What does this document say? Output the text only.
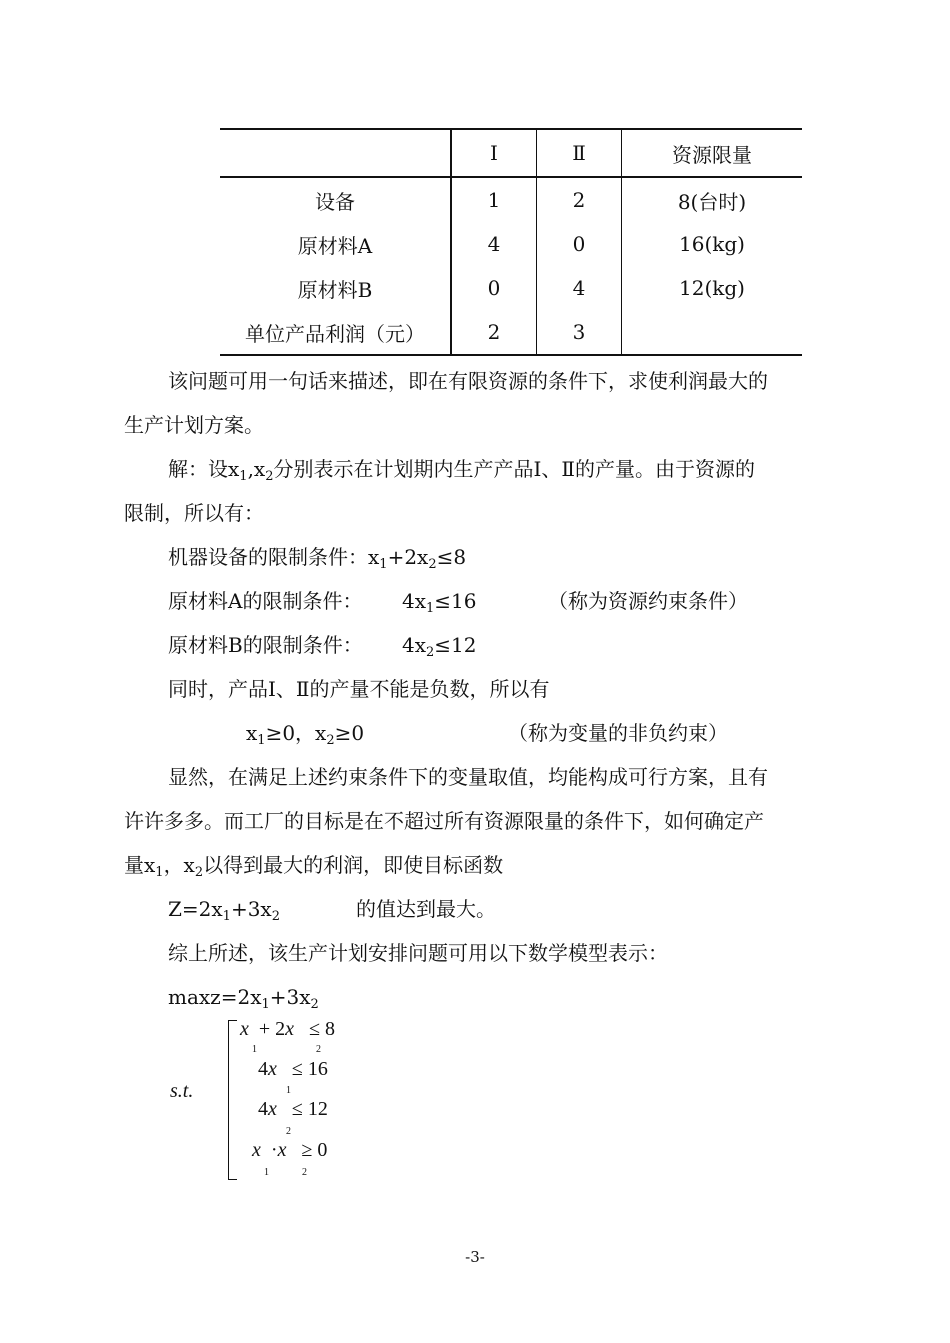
	Ⅰ	Ⅱ	资源限量
设备	1	2	8(台时)
原材料A	4	0	16(kg)
原材料B	0	4	12(kg)
单位产品利润（元）	2	3	
该问题可用一句话来描述，即在有限资源的条件下，求使利润最大的
生产计划方案。
解：设$x_1,x_2$分别表示在计划期内生产产品Ⅰ、Ⅱ的产量。由于资源的
限制，所以有：
机器设备的限制条件：$x_1+2x_2\le 8$
原材料A的限制条件： $4x_1\le 16$	（称为资源约束条件）
原材料B的限制条件： $4x_2\le 12$
同时，产品Ⅰ、Ⅱ的产量不能是负数，所以有
$x_1\ge 0$，$x_2\ge 0$	（称为变量的非负约束）
显然，在满足上述约束条件下的变量取值，均能构成可行方案，且有
许许多多。而工厂的目标是在不超过所有资源限量的条件下，如何确定产
量$x_1$，$x_2$以得到最大的利润，即使目标函数
$Z=2x_1+3x_2$	的值达到最大。
综上所述，该生产计划安排问题可用以下数学模型表示：
$\max z=2x_1+3x_2$
s.t.
x + 2x ≤ 8
1	2
4x ≤ 16
1
4x ≤ 12
2
x ·x ≥ 0
1	2
-3-
